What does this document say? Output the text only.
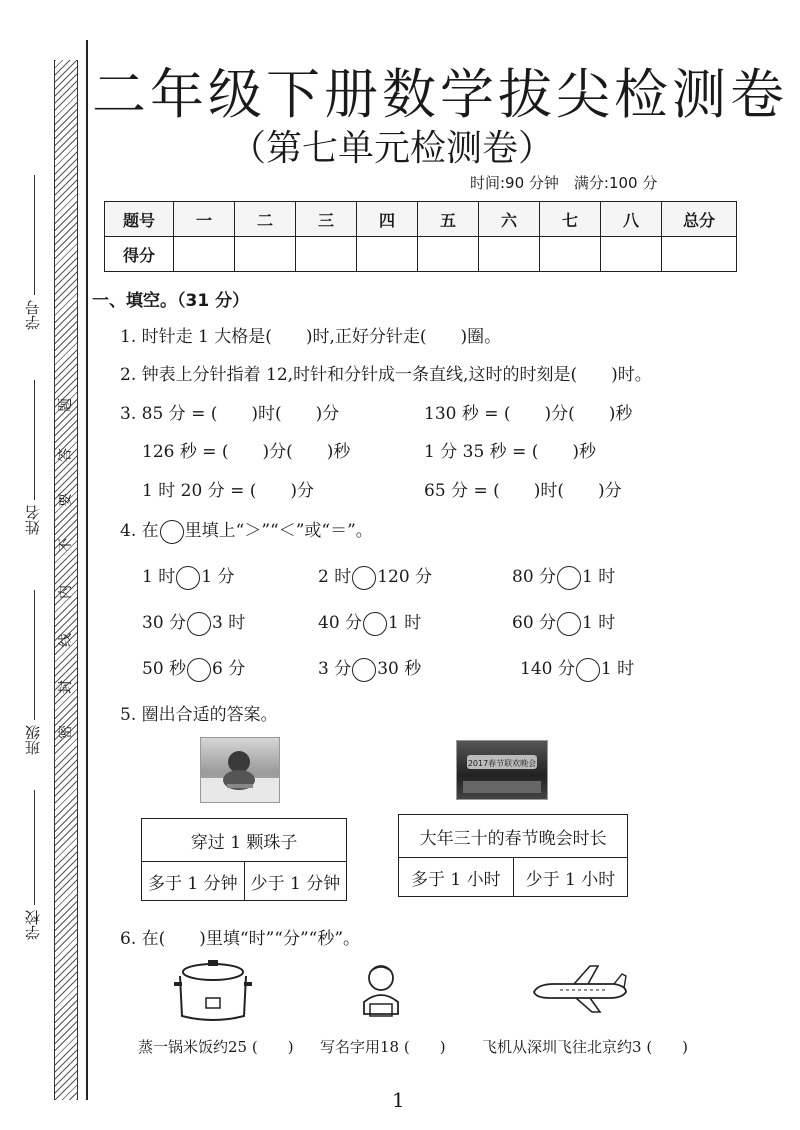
学号
姓名
班级
学校
题
答
要
不
内
线
封
密
二年级下册数学拔尖检测卷
（第七单元检测卷）
时间:90 分钟　满分:100 分
题号	一	二	三	四	五	六	七	八	总分
得分									
一、填空。（31 分）
1. 时针走 1 大格是(　　)时,正好分针走(　　)圈。
2. 钟表上分针指着 12,时针和分针成一条直线,这时的时刻是(　　)时。
3. 85 分 = (　　)时(　　)分	130 秒 = (　　)分(　　)秒
126 秒 = (　　)分(　　)秒	1 分 35 秒 = (　　)秒
1 时 20 分 = (　　)分	65 分 = (　　)时(　　)分
4. 在 里填上“＞”“＜”或“＝”。
1 时 1 分	2 时 120 分	80 分 1 时
30 分 3 时	40 分 1 时	60 分 1 时
50 秒 6 分	3 分 30 秒	140 分 1 时
5. 圈出合适的答案。
2017春节联欢晚会
穿过 1 颗珠子
多于 1 分钟	少于 1 分钟
大年三十的春节晚会时长
多于 1 小时	少于 1 小时
6. 在(　　)里填“时”“分”“秒”。
蒸一锅米饭约25 (　　) 写名字用18 (　　) 飞机从深圳飞往北京约3 (　　)
1
